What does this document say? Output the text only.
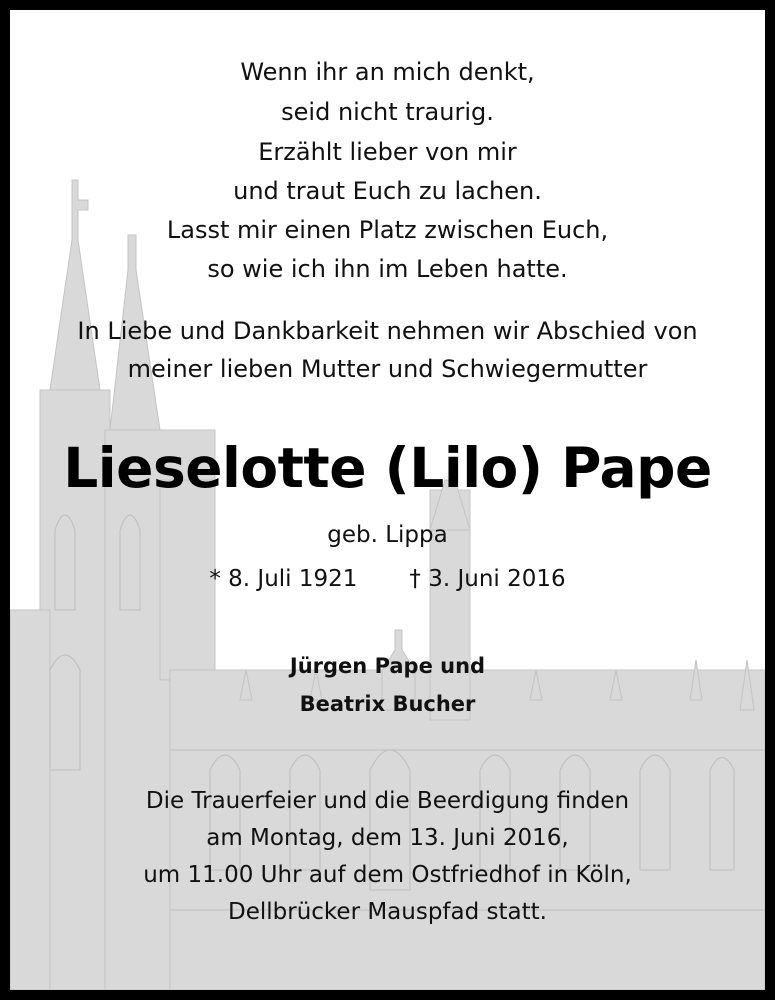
Wenn ihr an mich denkt,
seid nicht traurig.
Erzählt lieber von mir
und traut Euch zu lachen.
Lasst mir einen Platz zwischen Euch,
so wie ich ihn im Leben hatte.
In Liebe und Dankbarkeit nehmen wir Abschied von
meiner lieben Mutter und Schwiegermutter
Lieselotte (Lilo) Pape
geb. Lippa
* 8. Juli 1921 † 3. Juni 2016
Jürgen Pape und
Beatrix Bucher
Die Trauerfeier und die Beerdigung finden
am Montag, dem 13. Juni 2016,
um 11.00 Uhr auf dem Ostfriedhof in Köln,
Dellbrücker Mauspfad statt.
